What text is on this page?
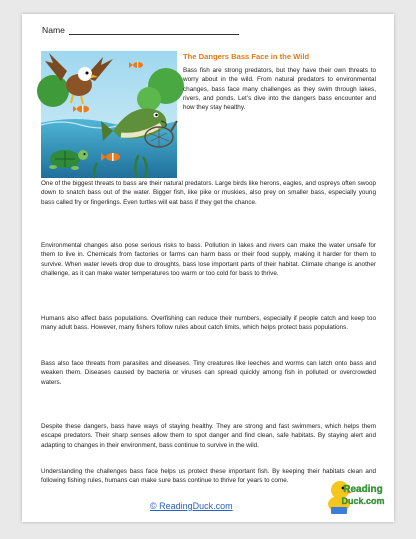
Name
The Dangers Bass Face in the Wild

Bass fish are strong predators, but they have their own threats to worry about in the wild. From natural predators to environmental changes, bass face many challenges as they swim through lakes, rivers, and ponds. Let’s dive into the dangers bass encounter and how they stay healthy.

One of the biggest threats to bass are their natural predators. Large birds like herons, eagles, and ospreys often swoop down to snatch bass out of the water. Bigger fish, like pike or muskies, also prey on smaller bass, especially young bass called fry or fingerlings. Even turtles will eat bass if they get the chance.

Environmental changes also pose serious risks to bass. Pollution in lakes and rivers can make the water unsafe for them to live in. Chemicals from factories or farms can harm bass or their food supply, making it harder for them to survive. When water levels drop due to droughts, bass lose important parts of their habitat. Climate change is another challenge, as it can make water temperatures too warm or too cold for bass to thrive.

Humans also affect bass populations. Overfishing can reduce their numbers, especially if people catch and keep too many adult bass. However, many fishers follow rules about catch limits, which helps protect bass populations.

Bass also face threats from parasites and diseases. Tiny creatures like leeches and worms can latch onto bass and weaken them. Diseases caused by bacteria or viruses can spread quickly among fish in polluted or overcrowded waters.

Despite these dangers, bass have ways of staying healthy. They are strong and fast swimmers, which helps them escape predators. Their sharp senses allow them to spot danger and find clean, safe habitats. By staying alert and adapting to changes in their environment, bass continue to survive in the wild.

Understanding the challenges bass face helps us protect these important fish. By keeping their habitats clean and following fishing rules, humans can make sure bass continue to thrive for years to come.

© ReadingDuck.com
Reading
Duck.com
